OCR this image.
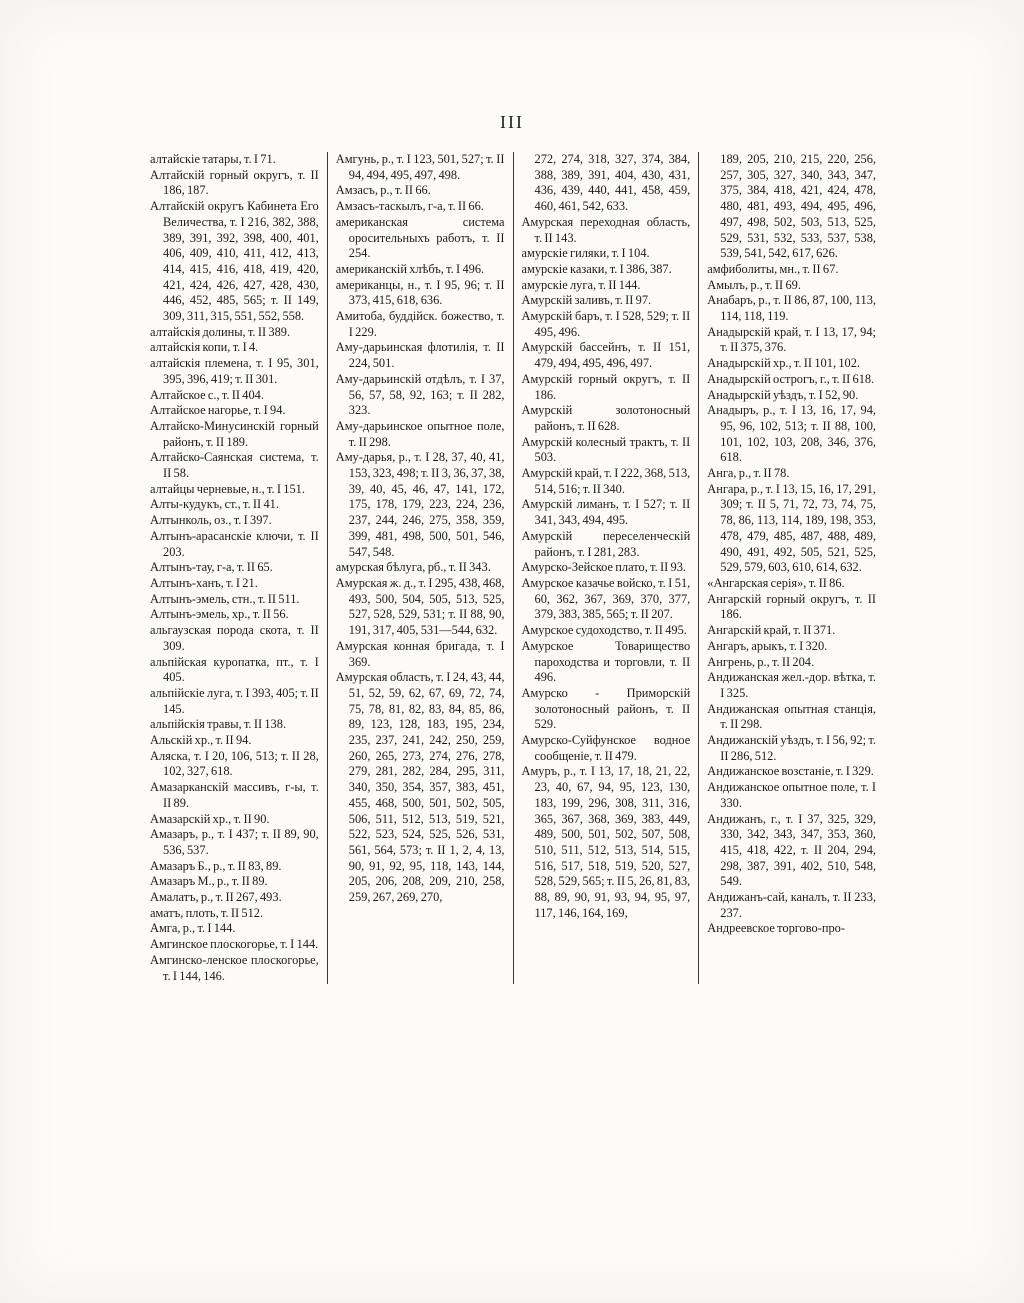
III
алтайскіе татары, т. I 71.
Алтайскій горный округъ, т. II 186, 187.
Алтайскій округъ Кабинета Его Величества, т. I 216, 382, 388, 389, 391, 392, 398, 400, 401, 406, 409, 410, 411, 412, 413, 414, 415, 416, 418, 419, 420, 421, 424, 426, 427, 428, 430, 446, 452, 485, 565; т. II 149, 309, 311, 315, 551, 552, 558.
алтайскія долины, т. II 389.
алтайскія копи, т. I 4.
алтайскія племена, т. I 95, 301, 395, 396, 419; т. II 301.
Алтайское с., т. II 404.
Алтайское нагорье, т. I 94.
Алтайско-Минусинскій горный районъ, т. II 189.
Алтайско-Саянская система, т. II 58.
алтайцы черневые, н., т. I 151.
Алты-кудукъ, ст., т. II 41.
Алтынколь, оз., т. I 397.
Алтынъ-арасанскіе ключи, т. II 203.
Алтынъ-тау, г-а, т. II 65.
Алтынъ-ханъ, т. I 21.
Алтынъ-эмель, стн., т. II 511.
Алтынъ-эмель, хр., т. II 56.
альгаузская порода скота, т. II 309.
альпійская куропатка, пт., т. I 405.
альпійскіе луга, т. I 393, 405; т. II 145.
альпійскія травы, т. II 138.
Альскій хр., т. II 94.
Аляска, т. I 20, 106, 513; т. II 28, 102, 327, 618.
Амазарканскій массивъ, г-ы, т. II 89.
Амазарскій хр., т. II 90.
Амазаръ, р., т. I 437; т. II 89, 90, 536, 537.
Амазаръ Б., р., т. II 83, 89.
Амазаръ М., р., т. II 89.
Амалатъ, р., т. II 267, 493.
аматъ, плоть, т. II 512.
Амга, р., т. I 144.
Амгинское плоскогорье, т. I 144.
Амгинско-ленское плоскогорье, т. I 144, 146.
Амгунь, р., т. I 123, 501, 527; т. II 94, 494, 495, 497, 498.
Амзасъ, р., т. II 66.
Амзасъ-таскылъ, г-а, т. II 66.
американская система оросительныхъ работъ, т. II 254.
американскій хлѣбъ, т. I 496.
американцы, н., т. I 95, 96; т. II 373, 415, 618, 636.
Амитоба, буддійск. божество, т. I 229.
Аму-дарьинская флотилія, т. II 224, 501.
Аму-дарьинскій отдѣлъ, т. I 37, 56, 57, 58, 92, 163; т. II 282, 323.
Аму-дарьинское опытное поле, т. II 298.
Аму-дарья, р., т. I 28, 37, 40, 41, 153, 323, 498; т. II 3, 36, 37, 38, 39, 40, 45, 46, 47, 141, 172, 175, 178, 179, 223, 224, 236, 237, 244, 246, 275, 358, 359, 399, 481, 498, 500, 501, 546, 547, 548.
амурская бѣлуга, рб., т. II 343.
Амурская ж. д., т. I 295, 438, 468, 493, 500, 504, 505, 513, 525, 527, 528, 529, 531; т. II 88, 90, 191, 317, 405, 531—544, 632.
Амурская конная бригада, т. I 369.
Амурская область, т. I 24, 43, 44, 51, 52, 59, 62, 67, 69, 72, 74, 75, 78, 81, 82, 83, 84, 85, 86, 89, 123, 128, 183, 195, 234, 235, 237, 241, 242, 250, 259, 260, 265, 273, 274, 276, 278, 279, 281, 282, 284, 295, 311, 340, 350, 354, 357, 383, 451, 455, 468, 500, 501, 502, 505, 506, 511, 512, 513, 519, 521, 522, 523, 524, 525, 526, 531, 561, 564, 573; т. II 1, 2, 4, 13, 90, 91, 92, 95, 118, 143, 144, 205, 206, 208, 209, 210, 258, 259, 267, 269, 270,
272, 274, 318, 327, 374, 384, 388, 389, 391, 404, 430, 431, 436, 439, 440, 441, 458, 459, 460, 461, 542, 633.
Амурская переходная область, т. II 143.
амурскіе гиляки, т. I 104.
амурскіе казаки, т. I 386, 387.
амурскіе луга, т. II 144.
Амурскій заливъ, т. II 97.
Амурскій баръ, т. I 528, 529; т. II 495, 496.
Амурскій бассейнъ, т. II 151, 479, 494, 495, 496, 497.
Амурскій горный округъ, т. II 186.
Амурскій золотоносный районъ, т. II 628.
Амурскій колесный трактъ, т. II 503.
Амурскій край, т. I 222, 368, 513, 514, 516; т. II 340.
Амурскій лиманъ, т. I 527; т. II 341, 343, 494, 495.
Амурскій переселенческій районъ, т. I 281, 283.
Амурско-Зейское плато, т. II 93.
Амурское казачье войско, т. I 51, 60, 362, 367, 369, 370, 377, 379, 383, 385, 565; т. II 207.
Амурское судоходство, т. II 495.
Амурское Товарищество пароходства и торговли, т. II 496.
Амурско - Приморскій золотоносный районъ, т. II 529.
Амурско-Суйфунское водное сообщеніе, т. II 479.
Амуръ, р., т. I 13, 17, 18, 21, 22, 23, 40, 67, 94, 95, 123, 130, 183, 199, 296, 308, 311, 316, 365, 367, 368, 369, 383, 449, 489, 500, 501, 502, 507, 508, 510, 511, 512, 513, 514, 515, 516, 517, 518, 519, 520, 527, 528, 529, 565; т. II 5, 26, 81, 83, 88, 89, 90, 91, 93, 94, 95, 97, 117, 146, 164, 169,
189, 205, 210, 215, 220, 256, 257, 305, 327, 340, 343, 347, 375, 384, 418, 421, 424, 478, 480, 481, 493, 494, 495, 496, 497, 498, 502, 503, 513, 525, 529, 531, 532, 533, 537, 538, 539, 541, 542, 617, 626.
амфиболиты, мн., т. II 67.
Амылъ, р., т. II 69.
Анабаръ, р., т. II 86, 87, 100, 113, 114, 118, 119.
Анадырскій край, т. I 13, 17, 94; т. II 375, 376.
Анадырскій хр., т. II 101, 102.
Анадырскій острогъ, г., т. II 618.
Анадырскій уѣздъ, т. I 52, 90.
Анадыръ, р., т. I 13, 16, 17, 94, 95, 96, 102, 513; т. II 88, 100, 101, 102, 103, 208, 346, 376, 618.
Анга, р., т. II 78.
Ангара, р., т. I 13, 15, 16, 17, 291, 309; т. II 5, 71, 72, 73, 74, 75, 78, 86, 113, 114, 189, 198, 353, 478, 479, 485, 487, 488, 489, 490, 491, 492, 505, 521, 525, 529, 579, 603, 610, 614, 632.
«Ангарская серія», т. II 86.
Ангарскій горный округъ, т. II 186.
Ангарскій край, т. II 371.
Ангаръ, арыкъ, т. I 320.
Ангрень, р., т. II 204.
Андижанская жел.-дор. вѣтка, т. I 325.
Андижанская опытная станція, т. II 298.
Андижанскій уѣздъ, т. I 56, 92; т. II 286, 512.
Андижанское возстаніе, т. I 329.
Андижанское опытное поле, т. I 330.
Андижанъ, г., т. I 37, 325, 329, 330, 342, 343, 347, 353, 360, 415, 418, 422, т. II 204, 294, 298, 387, 391, 402, 510, 548, 549.
Андижанъ-сай, каналъ, т. II 233, 237.
Андреевское торгово-про-
